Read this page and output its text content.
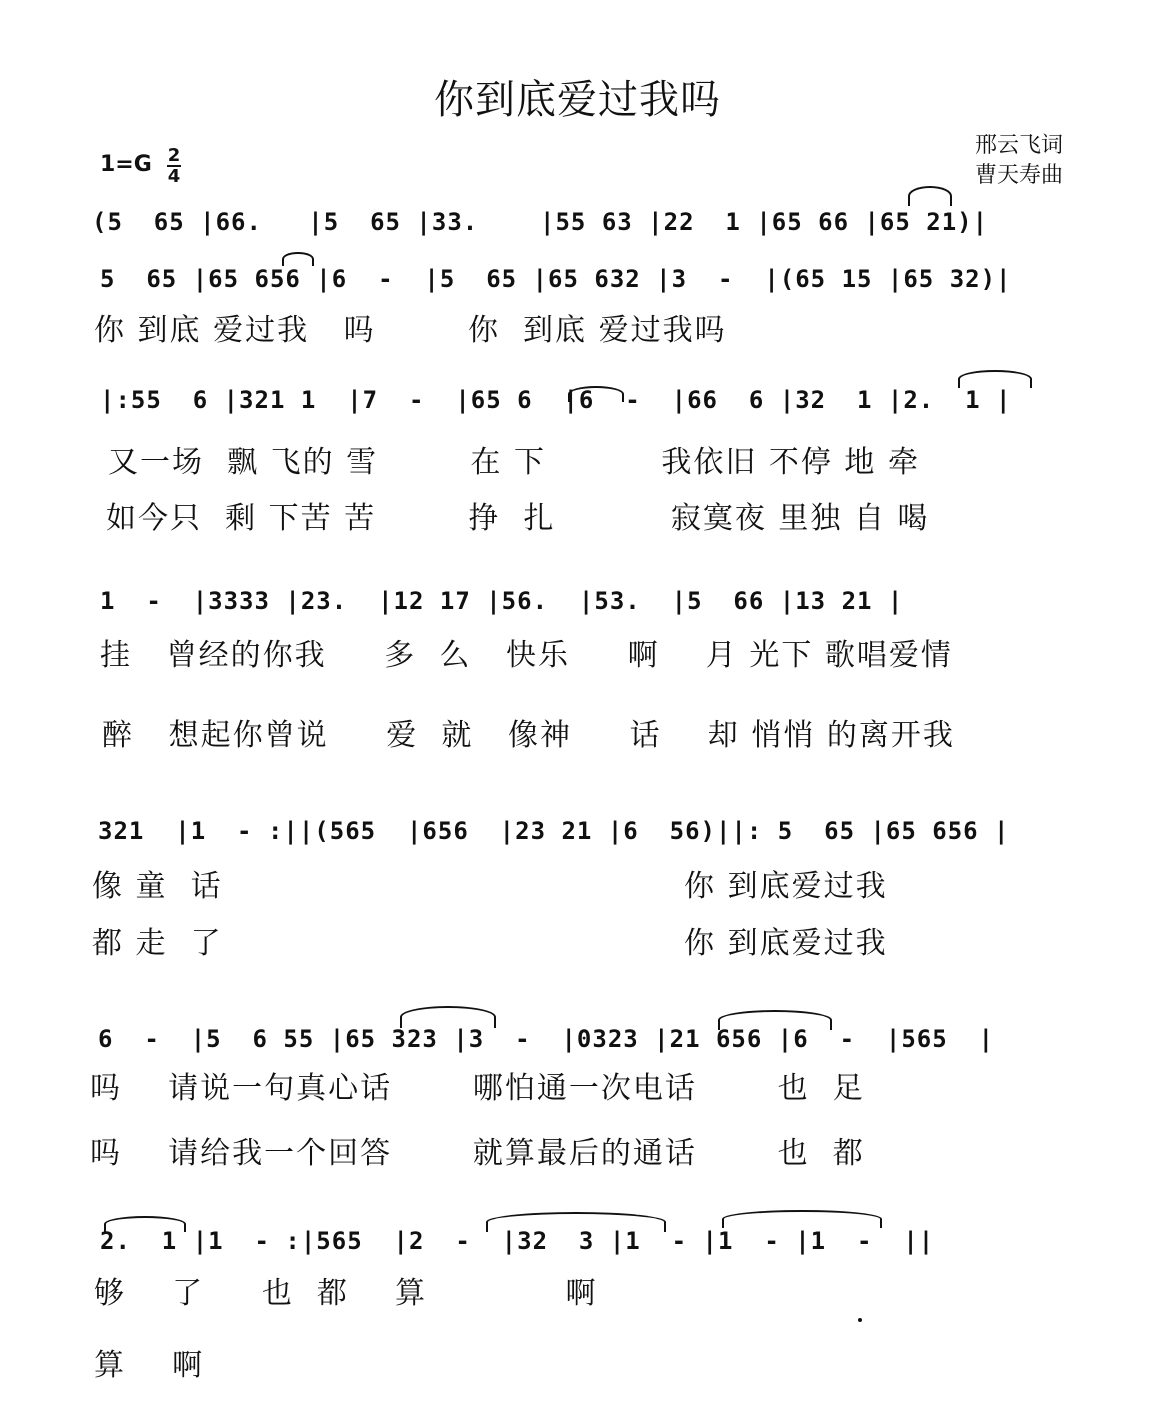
你到底爱过我吗
邢云飞词
曹天寿曲
1=G 2
4
(5  65 |66.   |5  65 |33.    |55 63 |22  1 |65 66 |65 21)|
5  65 |65 656 |6  -  |5  65 |65 632 |3  -  |(65 15 |65 32)|
你 到底 爱过我   吗        你  到底 爱过我吗
|:55  6 |321 1  |7  -  |65 6  |6  -  |66  6 |32  1 |2.  1 |
又一场  飘 飞的 雪        在 下          我依旧 不停 地 牵
如今只  剩 下苦 苦        挣  扎          寂寞夜 里独 自 喝
1  -  |3333 |23.  |12 17 |56.  |53.  |5  66 |13 21 |
挂   曾经的你我     多  么   快乐     啊    月 光下 歌唱爱情
醉   想起你曾说     爱  就   像神     话    却 悄悄 的离开我
321  |1  - :||(565  |656  |23 21 |6  56)||: 5  65 |65 656 |
像 童  话                                        你 到底爱过我
都 走  了                                        你 到底爱过我
6  -  |5  6 55 |65 323 |3  -  |0323 |21 656 |6  -  |565  |
吗    请说一句真心话       哪怕通一次电话       也  足
吗    请给我一个回答       就算最后的通话       也  都
2.  1 |1  - :|565  |2  -  |32  3 |1  - |1  - |1  -  ||
够    了     也  都    算            啊
算    啊
